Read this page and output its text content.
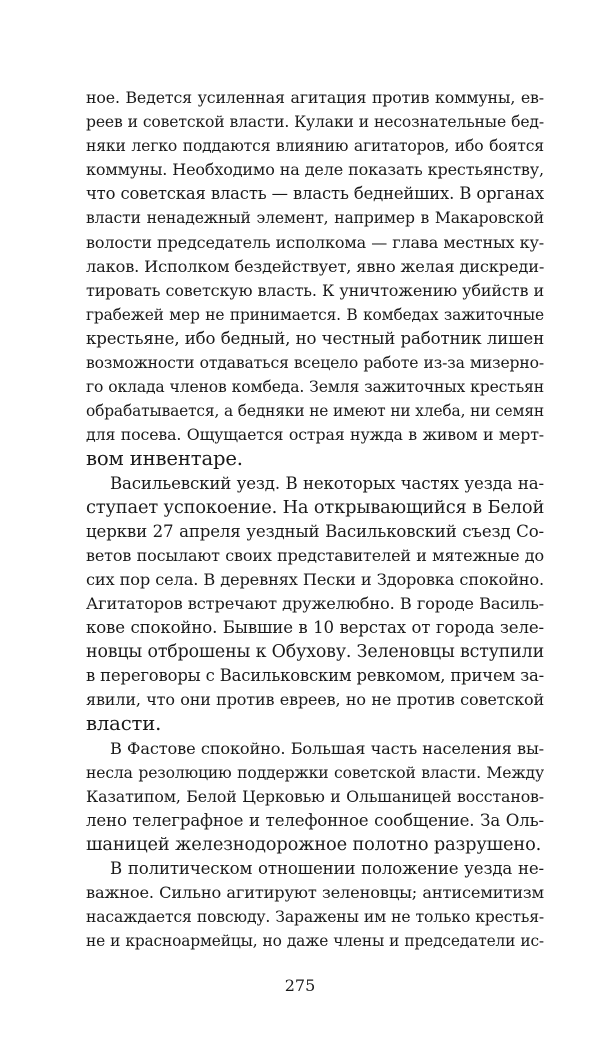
ное. Ведется усиленная агитация против коммуны, ев-
реев и советской власти. Кулаки и несознательные бед-
няки легко поддаются влиянию агитаторов, ибо боятся
коммуны. Необходимо на деле показать крестьянству,
что советская власть — власть беднейших. В органах
власти ненадежный элемент, например в Макаровской
волости председатель исполкома — глава местных ку-
лаков. Исполком бездействует, явно желая дискреди-
тировать советскую власть. К уничтожению убийств и
грабежей мер не принимается. В комбедах зажиточные
крестьяне, ибо бедный, но честный работник лишен
возможности отдаваться всецело работе из-за мизерно-
го оклада членов комбеда. Земля зажиточных крестьян
обрабатывается, а бедняки не имеют ни хлеба, ни семян
для посева. Ощущается острая нужда в живом и мерт-
вом инвентаре.
Васильевский уезд. В некоторых частях уезда на-
ступает успокоение. На открывающийся в Белой
церкви 27 апреля уездный Васильковский съезд Со-
ветов посылают своих представителей и мятежные до
сих пор села. В деревнях Пески и Здоровка спокойно.
Агитаторов встречают дружелюбно. В городе Василь-
кове спокойно. Бывшие в 10 верстах от города зеле-
новцы отброшены к Обухову. Зеленовцы вступили
в переговоры с Васильковским ревкомом, причем за-
явили, что они против евреев, но не против советской
власти.
В Фастове спокойно. Большая часть населения вы-
несла резолюцию поддержки советской власти. Между
Казатипом, Белой Церковью и Ольшаницей восстанов-
лено телеграфное и телефонное сообщение. За Оль-
шаницей железнодорожное полотно разрушено.
В политическом отношении положение уезда не-
важное. Сильно агитируют зеленовцы; антисемитизм
насаждается повсюду. Заражены им не только крестья-
не и красноармейцы, но даже члены и председатели ис-
275
